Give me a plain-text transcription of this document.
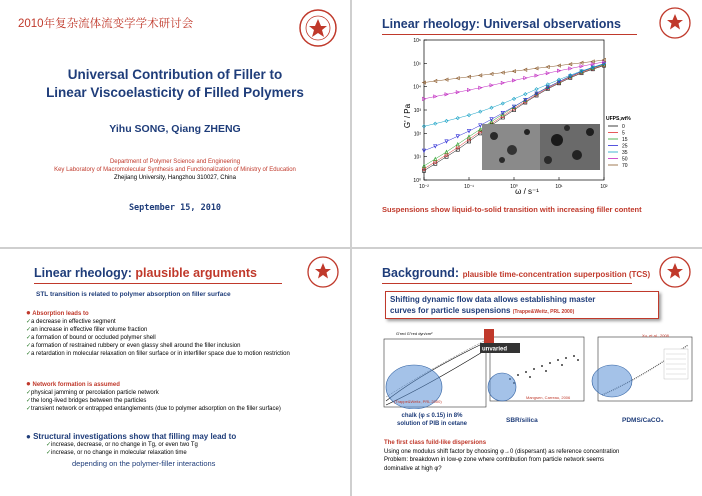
2010年复杂流体流变学学术研讨会
Universal Contribution of Filler to
Linear Viscoelasticity of Filled Polymers
Yihu SONG, Qiang ZHENG
Department of Polymer Science and Engineering
Key Laboratory of Macromolecular Synthesis and Functionalization of Ministry of Education
Zhejiang University, Hangzhou 310027, China
September 15, 2010
Linear rheology: Universal observations
10⁻²	10⁻¹	10⁰	10¹	10²
10⁰
10¹
10²
10³
10⁴
10⁵
10⁶
0
5
15
25
35
50
70
G' / Pa
ω / s⁻¹
UFPS,wt%
Suspensions show liquid-to-solid transition with increasing filler content
Linear rheology: plausible arguments
STL transition is related to polymer absorption on filler surface
● Absorption leads to
✓a decrease in effective segment
✓an increase in effective filler volume fraction
✓a formation of bound or occluded polymer shell
✓a formation of restrained rubbery or even glassy shell around the filler inclusion
✓a retardation in molecular relaxation on filler surface or in interfiller space due to motion restriction
● Network formation is assumed
✓physical jamming or percolation particle network
✓the long-lived bridges between the particles
✓transient network or entrapped entanglements (due to polymer adsorption on the filler surface)
● Structural investigations show that filling may lead to
✓increase, decrease, or no change in Tg, or even two Tg
✓increase, or no change in molecular relaxation time
depending on the polymer-filler interactions
Background: plausible time-concentration superposition (TCS)
Shifting dynamic flow data allows establishing master
curves for particle suspensions (Trappe&Weitz, PRL 2000)
G'red G"red dyn/cm²
(Trappe&Weitz, PRL 2000)
unvaried
Mangsen, Carreau, 2006
Xu, et al., 2008
chalk (φ ≤ 0.15) in 8%
solution of PIB in cetane	SBR/silica	PDMS/CaCO₃
The first class fuild-like dispersions
Using one modulus shift factor by choosing φ→0 (dispersant) as reference concentration
Problem: breakdown in low-φ zone where contribution from particle network seems
dominative at high φ?
